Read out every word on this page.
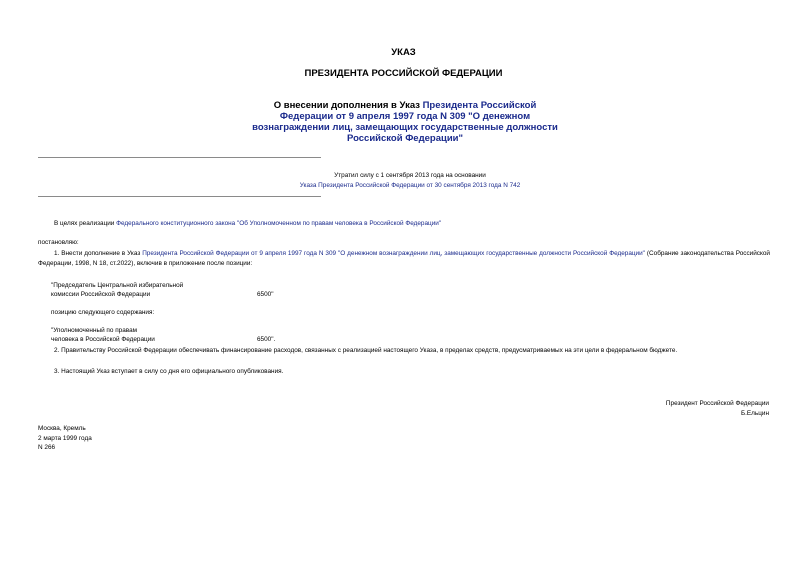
УКАЗ
ПРЕЗИДЕНТА РОССИЙСКОЙ ФЕДЕРАЦИИ
О внесении дополнения в Указ Президента Российской Федерации от 9 апреля 1997 года N 309 "О денежном вознаграждении лиц, замещающих государственные должности Российской Федерации"
Утратил силу с 1 сентября 2013 года на основании
Указа Президента Российской Федерации от 30 сентября 2013 года N 742
В целях реализации Федерального конституционного закона "Об Уполномоченном по правам человека в Российской Федерации"
постановляю:
1. Внести дополнение в Указ Президента Российской Федерации от 9 апреля 1997 года N 309 "О денежном вознаграждении лиц, замещающих государственные должности Российской Федерации" (Собрание законодательства Российской Федерации, 1998, N 18, ст.2022), включив в приложение после позиции:
"Председатель Центральной избирательной
комиссии Российской Федерации	6500"
позицию следующего содержания:
"Уполномоченный по правам
человека в Российской Федерации	6500".
2. Правительству Российской Федерации обеспечивать финансирование расходов, связанных с реализацией настоящего Указа, в пределах средств, предусматриваемых на эти цели в федеральном бюджете.
3. Настоящий Указ вступает в силу со дня его официального опубликования.
Президент Российской Федерации
Б.Ельцин
Москва, Кремль
2 марта 1999 года
N 266
